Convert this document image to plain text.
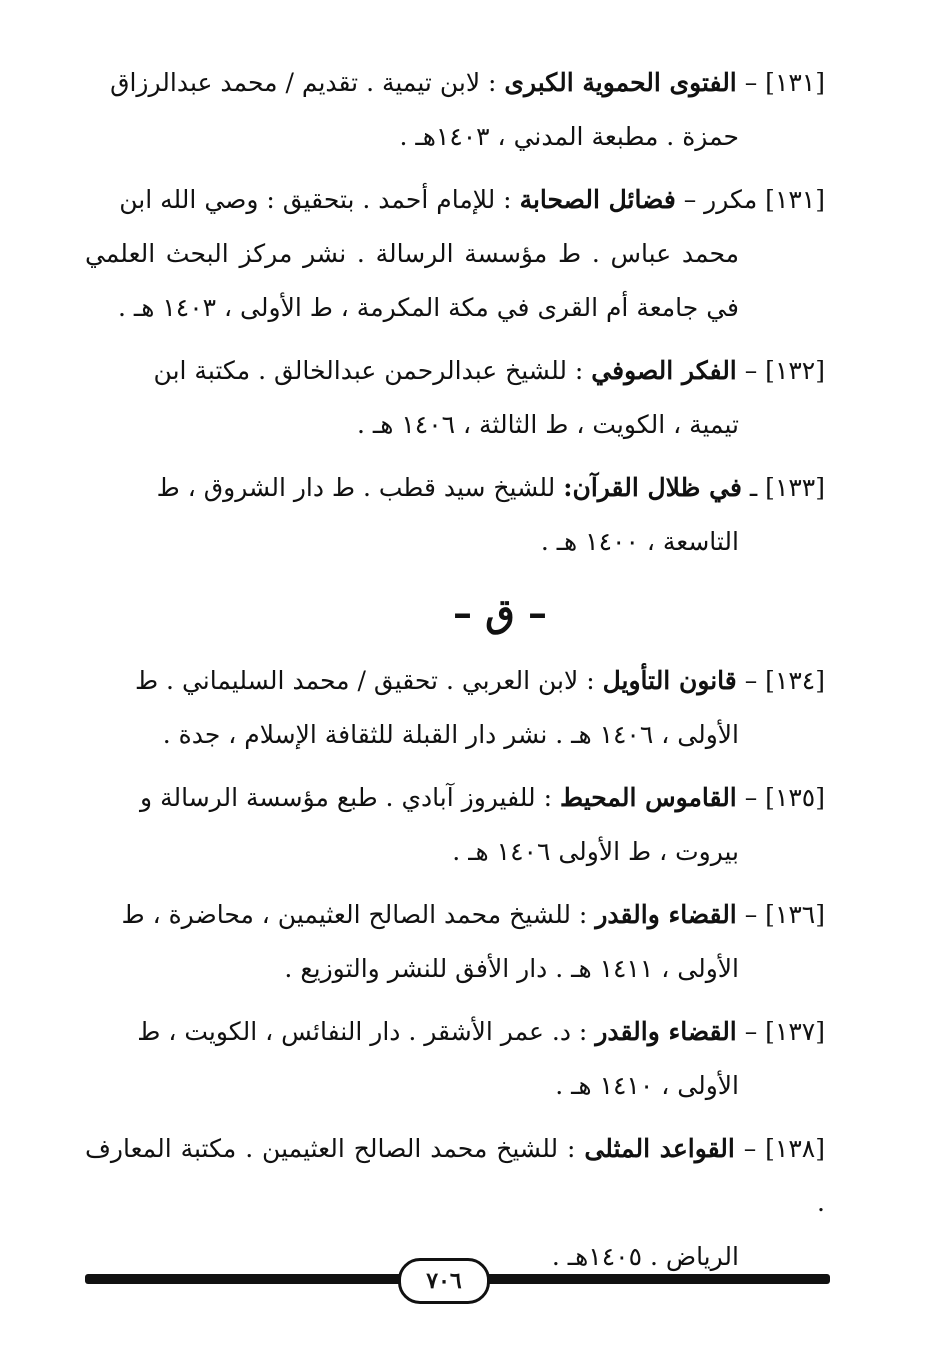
[١٣١] – الفتوى الحموية الكبرى : لابن تيمية . تقديم / محمد عبدالرزاق
حمزة . مطبعة المدني ، ١٤٠٣هـ .
[١٣١] مكرر – فضائل الصحابة : للإمام أحمد . بتحقيق : وصي الله ابن
محمد عباس . ط مؤسسة الرسالة . نشر مركز البحث العلمي في جامعة أم القرى في مكة المكرمة ، ط الأولى ، ١٤٠٣ هـ .
[١٣٢] – الفكر الصوفي : للشيخ عبدالرحمن عبدالخالق . مكتبة ابن
تيمية ، الكويت ، ط الثالثة ، ١٤٠٦ هـ .
[١٣٣] ـ في ظلال القرآن: للشيخ سيد قطب . ط دار الشروق ، ط
التاسعة ، ١٤٠٠ هـ .
– ق –
[١٣٤] – قانون التأويل : لابن العربي . تحقيق / محمد السليماني . ط
الأولى ، ١٤٠٦ هـ . نشر دار القبلة للثقافة الإسلام ، جدة .
[١٣٥] – القاموس المحيط : للفيروز آبادي . طبع مؤسسة الرسالة و
بيروت ، ط الأولى ١٤٠٦ هـ .
[١٣٦] – القضاء والقدر : للشيخ محمد الصالح العثيمين ، محاضرة ، ط
الأولى ، ١٤١١ هـ . دار الأفق للنشر والتوزيع .
[١٣٧] – القضاء والقدر : د. عمر الأشقر . دار النفائس ، الكويت ، ط
الأولى ، ١٤١٠ هـ .
[١٣٨] – القواعد المثلى : للشيخ محمد الصالح العثيمين . مكتبة المعارف .
الرياض . ١٤٠٥هـ .
٧٠٦
